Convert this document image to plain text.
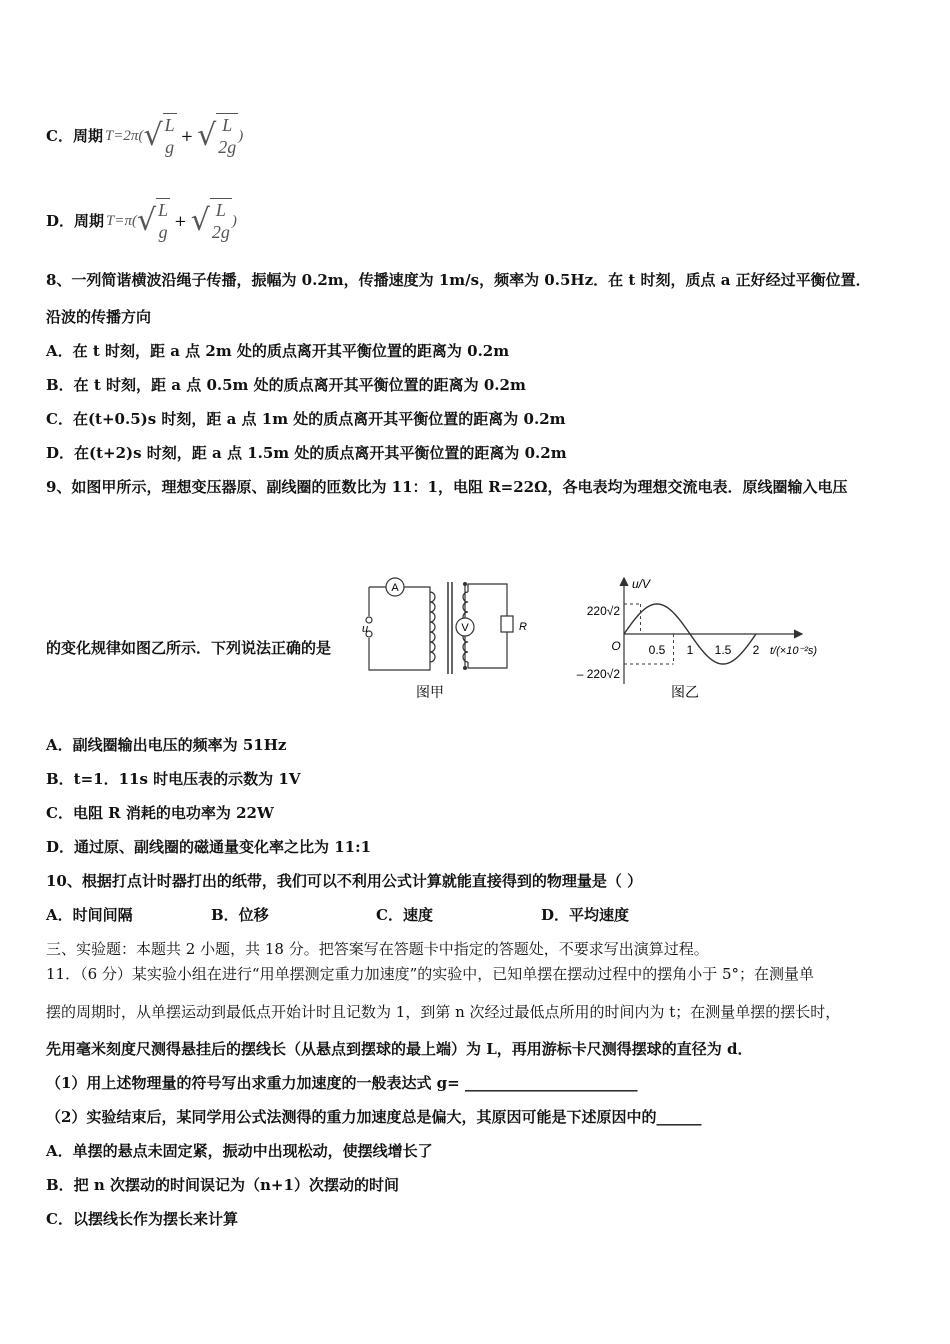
C．周期 T =2π( √ L
g
+ √ L
2g
)
D．周期 T =π( √ L
g
+ √ L
2g
)
8、一列简谐横波沿绳子传播，振幅为 0.2m，传播速度为 1m/s，频率为 0.5Hz．在 t 时刻，质点 a 正好经过平衡位置．
沿波的传播方向
A．在 t 时刻，距 a 点 2m 处的质点离开其平衡位置的距离为 0.2m
B．在 t 时刻，距 a 点 0.5m 处的质点离开其平衡位置的距离为 0.2m
C．在(t+0.5)s 时刻，距 a 点 1m 处的质点离开其平衡位置的距离为 0.2m
D．在(t+2)s 时刻，距 a 点 1.5m 处的质点离开其平衡位置的距离为 0.2m
9、如图甲所示，理想变压器原、副线圈的匝数比为 11：1，电阻 R=22Ω，各电表均为理想交流电表．原线圈输入电压
的变化规律如图乙所示．下列说法正确的是
A
V
u	R
图甲
0.5 1 1.5 2
u/V
t/(×10⁻²s)
O
220√2
– 220√2
图乙
A．副线圈输出电压的频率为 51Hz
B．t=1．11s 时电压表的示数为 1V
C．电阻 R 消耗的电功率为 22W
D．通过原、副线圈的磁通量变化率之比为 11:1
10、根据打点计时器打出的纸带，我们可以不利用公式计算就能直接得到的物理量是（ ）
A．时间间隔	B．位移	C．速度	D．平均速度
三、实验题：本题共 2 小题，共 18 分。把答案写在答题卡中指定的答题处，不要求写出演算过程。
11．（6 分）某实验小组在进行“用单摆测定重力加速度”的实验中，已知单摆在摆动过程中的摆角小于 5°；在测量单
摆的周期时，从单摆运动到最低点开始计时且记数为 1，到第 n 次经过最低点所用的时间内为 t；在测量单摆的摆长时，
先用毫米刻度尺测得悬挂后的摆线长（从悬点到摆球的最上端）为 L，再用游标卡尺测得摆球的直径为 d．
（1）用上述物理量的符号写出求重力加速度的一般表达式 g= _______________________
（2）实验结束后，某同学用公式法测得的重力加速度总是偏大，其原因可能是下述原因中的______
A．单摆的悬点未固定紧，振动中出现松动，使摆线增长了
B．把 n 次摆动的时间误记为（n+1）次摆动的时间
C．以摆线长作为摆长来计算
